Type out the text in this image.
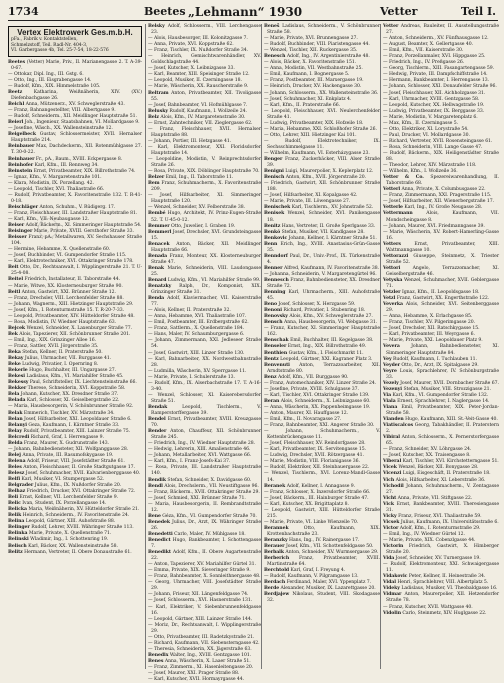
1734	Beetes „Lehmann“ 1930	Vetter	Teil I.
Vertex Elektrowerk Ges.m.b.H.
pFa., Fabrik v. Kontaktstellen,
Schmelzstoff, Teil. Radl-Nr. 404-3,
VI. Garbergasse 4b, Tel. 25-7-54, 18-22-576

Beetes (Vetter) Marie, Priv., II. Marianengasse 2. T. A-39-0-67.

— Ottokar, Dipl. Ing., III. Gstg. 6.

— Otto, Ing., III. Eisgrabengasse 14.

— Rudolf, Kfm., XIX. Himmelstraße 105.

Beetz Katharina, Weißnäherin, XIV. (XV.) Diefenbachgasse 26.

Beichl Anna, Mützenerz., XV. Schweglerstraße 43.

— Franz, Bahnangestellter, VIII. Albertgasse 9.

— Rudolf, Schneiderm., XII. Meidlinger Hauptstraße 51.

Beierl Joh., Ingenieur, Staatsbahnen, VI. Mollardgasse 9.

— Josefine, Wäsch., XX. Wallensteinstraße 12.

Beigelbeck Gustav, Schlossermeister, XVII. Hernalser Hauptstraße 214.

Beinbauer Max, Dachdeckerm., XII. Rotenmühlgasse 27. T. 30-0-22.

Beinhauer Fr., pA., Baum., XVIII. Eckpergasse 8.

Beinhofer Karl, Kfm., III. Rennweg 34.

Beinstein Ernst, Privatbeamter, XIX. Billrothstraße 74.

— Ignaz, Kfm., V. Margaretenstraße 101.

— Klara, Modistin, IX. Porzellang. 42.

— Leopold, Tischler, XVI. Thaliastraße 66.

— Rudolf, Privatbeamter, X. Favoritenstraße 132. T. R-41-0-18.

Beischläger Anton, Schuhm., V. Rüdigerg. 17.

— Franz, Fleischhauer, III. Landstraßer Hauptstraße 81.

— Karl, Kfm., VII. Neubaugasse 12.

Beiser Adolf, Bäckerm., XI. Simmeringer Hauptstraße 54.

Beisinger Marie, Private, XVIII. Gersthofer Straße 33.

Beisser Franz, pA., Metallwaren, XV. Sechshauser Straße 104.

— Hermine, Hebamme, X. Quellenstraße 60.

— Josef, Buchbinder, VI. Gumpendorfer Straße 115.

— Karl, Elektrotechniker, XVI. Ottakringer Straße 178.

Beit Otto, Dr., Rechtsanwalt, I. Wipplingerstraße 21. T. U-25-4-08.

Beitel Friedrich, Installateur, II. Taborstraße 44.

— Marie, Witwe, XX. Klosterneuburger Straße 90.

Beitl Anton, Gastwirt, XXI. Brünner Straße 12.

— Franz, Drechsler, VIII. Lerchenfelder Straße 88.

— Johann, Wagnerm., XIII. Hietzinger Hauptstraße 29.

— Josef, Kfm., I. Rotenturmstraße 15. T. R-20-7-33.

— Leopold, Privatbeamter, XIV. Hütteldorfer Straße 48.

— Rosa, Modistin, IV. Wiedner Hauptstraße 63.

Bejcek Wenzel, Schneider, X. Laxenburger Straße 77.

Bek Alois, Tapezierer, XII. Schönbrunner Straße 201.

— Emil, Ing., XIX. Grinzinger Allee 16.

— Franz, Sattler, XVII. Jörgerstraße 35.

Beka Stefan, Kellner, II. Praterstraße 50.

Bekay Julius, Uhrmacher, VII. Burggasse 41.

Beke Ludwig, Privatier, I. Opernring 8.

Bekerle Hugo, Buchhalter, III. Ungargasse 27.

Bekesi Ladislaus, Kfm., VI. Mariahilfer Straße 45.

Bekessy Paul, Schriftsteller, IX. Liechtensteinstraße 66.

Bekker Therese, Schneiderin, XVI. Koppstraße 58.

Bela Johann, Kutscher, XX. Dresdner Straße 37.

Belada Karl, Schlosser, XI. Geiselbergstraße 22.

— Maria, Hausbesorgerin, V. Schönbrunner Straße 92.

Belak Emmerich, Tischler, XV. Märzstraße 34.

Belan Josef, Hilfsarbeiter, XXI. Leopoldauer Straße 6.

Belanyi Geza, Kaufmann, I. Kärntner Straße 33.

Belay Rudolf, Privatbeamter, XIII. Lainzer Straße 75.

Belcredi Richard, Graf, I. Herrengasse 9.

Belda Franz, Maurer, X. Gudrunstraße 143.

— Johann, Bahnbediensteter, XII. Wolfganggasse 28.

Belej Anna, Private, III. Rasumofskygasse 19.

Belena Adolf, Friseur, VIII. Josefstädter Straße 61.

Beles Anton, Fleischhauer, II. Große Stadtgutgasse 17.

Belesz Josef, Schuhmacher, XVII. Kalvarienberggasse 40.

Belfi Karl, Musiker, VI. Stumpergasse 52.

Belgrader Julius, Kfm., IX. Nußdorfer Straße 20.

Belhaz Friedrich, Drucker, XVI. Ottakringer Straße 72.

Beli Ernst, Kellner, VII. Lerchenfelder Straße 9.

Belic Ivan, Student, IX. Porzellangasse 14.

Belicka Maria, Weißnäherin, XV. Hütteldorfer Straße 21.

Belik Heinrich, Schneiderm., IV. Favoritenstraße 24.

Belina Leopold, Gärtner, XIII. Auhofstraße 88.

Belinger Rudolf, Lehrer, XVIII. Währinger Straße 113.

Belinka Marie, Private, X. Quellenstraße 71.

Belinski Wladimir, Ing., I. Schottenring 19.

Belisch Karl, Bäcker, XX. Wallensteinstraße 58.

Belitz Hermann, Vertreter, II. Obere Donaustraße 61.

Belsky Adolf, Schlosserm., VIII. Lerchengasse 23.

— Alois, Hausbesorger, III. Kolonitzgasse 7.

— Anna, Private, XVI. Koppstraße 62.

— Franz, Tischler, IX. Nußdorfer Straße 34.

— Heinrich, Gemischtwarenhändler, XV. Goldschlagstraße 44.

— Josef, Kutscher, X. Leibnizgasse 33.

— Karl, Beamter, XIII. Speisinger Straße 12.

— Leopold, Musiker, II. Czerningasse 18.

— Marie, Wäscherin, XX. Rauscherstraße 9.

Beltram Anton, Privatbeamter, XII. Tivoligasse 55.

— Josef, Bahnbeamter, VI. Hofmühlgasse 7.

Belusky Rudolf, Kaufmann, I. Wollzeile 24.

Belz Alois, Kfm., IV. Margaretenstraße 30.

— Ernst, Zahntechniker, VII. Zieglergasse 62.

— Franz, Fleischhauer, XVII. Hernalser Hauptstraße 88.

— Johann, Portier, III. Hetzgasse 41.

— Karl, Elektromonteur, XXI. Floridsdorfer Hauptstraße 14.

— Leopoldine, Modistin, V. Reinprechtsdorfer Straße 26.

— Rosa, Private, XIX. Döblinger Hauptstraße 70.

Belzer Emil, Ing., II. Taborstraße 11.

Bem Franz, Schuhmacherm., X. Favoritenstraße 209.

— Josef, Hilfsarbeiter, XI. Simmeringer Hauptstraße 120.

— Wenzel, Schneider, XV. Felberstraße 38.

Bembé Hugo, Architekt, IV. Prinz-Eugen-Straße 52. T. U-45-0-12.

Bemmer Otto, Juwelier, I. Graben 19.

Bemmerl Josef, Drechsler, XVI. Grundsteingasse 15.

Benacek Anton, Bäcker, XII. Meidlinger Hauptstraße 66.

Benada Franz, Monteur, XX. Klosterneuburger Straße 47.

Benak Marie, Schneiderin, VIII. Laudongasse 25.

Benard Ludwig, Kfm., VI. Mariahilfer Straße 99.

Benatzky Ralph, Dr., Komponist, XIX. Grinzinger Straße 31.

Benda Adolf, Klaviermacher, VII. Kaiserstraße 77.

— Alois, Kellner, II. Praterstraße 32.

— Anna, Hebamme, XVI. Thaliastraße 107.

— Emil, Postbeamter, III. Erdbergstraße 62.

— Franz, Sattlerm., X. Quellenstraße 184.

— Hans, Maler, IV. Schaumburgergasse 6.

— Johann, Zimmermann, XXI. Jedleseer Straße 54.

— Josef, Gastwirt, XIII. Linzer Straße 130.

— Karl, Bahnarbeiter, XX. Nordwestbahnstraße 28.

— Ludmilla, Wäscherin, XV. Sperrgasse 11.

— Marie, Private, I. Schulerstraße 13.

— Rudolf, Kfm., IX. Alserbachstraße 17. T. A-16-3-40.

— Wenzel, Schlosser, XI. Kaiserebersdorfer Straße 51.

Bendak	Leopold, Tischlerm., V. Ramperstorffergasse 39.

Bendel Ernst, Privatbeamter, XVIII. Kreuzgasse 70.

Bender Anton, Chauffeur, XII. Schönbrunner Straße 245.

— Friedrich, Ing., IV. Wiedner Hauptstraße 28.

— Hedwig, Lehrerin, XIII. Amalienstraße 46.

— Johann, Metallarbeiter, XVI. Wattgasse 66.

— Karl, Kfm., I. Franz-Josefs-Kai 37.

— Rosa, Private, III. Landstraßer Hauptstraße 140.

Bendik Stefan, Schneider, X. Davidgasse 60.

Bendl Alois, Drechslerm., VII. Neustiftgasse 96.

— Franz, Bäckerm., XVII. Ottakringer Straße 29.

— Josef, Schmied, XXI. Brünner Straße 71.

— Maria, Hausbesorgerin, II. Rembrandtstraße 12.

Bene Géza, Kfm., VI. Gumpendorfer Straße 70.

Benedek Julius, Dr., Arzt, IX. Währinger Straße 26.

Benedetti Carlo, Maler, IV. Mühlgasse 18.

Benedict Hugo, Bankbeamter, I. Schottengasse 7.

Benedikt Adolf, Kfm., II. Obere Augartenstraße 22.

— Anton, Tapezierer, XV. Mariahilfer Gürtel 31.

— Emma, Private, XIX. Sieveringer Straße 9.

— Franz, Bahnbeamter, X. Sonnleithnergasse 48.

— Georg, Uhrmacher, VIII. Josefstädter Straße 29.

— Johann, Friseur, XII. Längenfeldgasse 74.

— Josef, Schlosserm., XVI. Hasnerstraße 131.

— Karl, Elektriker, V. Siebenbrunnenfeldgasse 16.

— Leopold, Gärtner, XIII. Lainzer Straße 144.

— Moriz, Dr., Rechtsanwalt, I. Wipplingerstraße 29.

— Otto, Privatbeamter, III. Radetzkystraße 21.

— Richard, Kaufmann, VII. Siebensterngasse 42.

— Theresia, Schneiderin, XX. Jägerstraße 63.

Benedix Walter, Ing., XVIII. Gentzgasse 101.

Benes Anna, Wäscherin, X. Laaer Straße 51.

— Franz, Zimmerm., XI. Hasenleitengasse 20.

— Josef, Maurer, XXI. Prager Straße 88.

— Karl, Kutscher, XVII. Hormayrgasse 44.

Beneš Ladislaus, Schneiderm., V. Schönbrunner Straße 58.

— Marie, Private, XVI. Brunnengasse 27.

— Rudolf, Buchbinder, VIII. Piaristengasse 44.

— Wenzel, Tischler, XII. Ruckergasse 35.

Benesch Adolf, Ing., IV. Argentinierstraße 48.

— Alois, Bäcker, X. Favoritenstraße 151.

— Anna, Modistin, VII. Westbahnstraße 25.

— Emil, Kaufmann, I. Bognergasse 5.

— Franz, Postbeamter, III. Marxergasse 19.

— Heinrich, Drucker, XV. Hackengasse 30.

— Johann, Schlosserm., XX. Wallensteinstraße 36.

— Josef, Schuhmacher, XI. Enkplatz 4.

— Karl, Kfm., II. Praterstraße 66.

— Leopold, Fleischhauer, XVI. Neulerchenfelder Straße 41.

— Ludwig, Privatbeamter, XIX. Hofzeile 18.

— Maria, Hebamme, XXI. Schloßhofer Straße 26.

— Otto, Lehrer, XIII. Hietzinger Kai 101.

— Rudolf, Elektrotechniker, IX. Sechsschimmelgasse 11.

— Wilhelm, Kaufmann, VI. Esterházygasse 23.

Benger Franz, Zuckerbäcker, VIII. Alser Straße 39.

Benigni Luigi, Maurerpolier, X. Keplerplatz 12.

Benisch Anton, Kfm., XVII. Jörgerstraße 20.

— Friedrich, Gastwirt, XII. Schönbrunner Straße 188.

— Josef, Hilfsarbeiter, XI. Kopalgasse 42.

— Marie, Private, III. Löwengasse 27.

Benischek Karl, Tischlerm., XV. Johnstraße 52.

Benisek Wenzel, Schneider, XVI. Panikengasse 18.

Benitz Hans, Vertreter, II. Große Sperlgasse 33.

Benkó Stefan, Musiker, VII. Kandlgasse 28.

Benkovic Johann, Kellner, I. Kärntner Straße 51.

Benn Erich, Ing., XVIII. Anastasius-Grün-Gasse 35.

Benndorf Paul, Dr., Univ.-Prof., IX. Türkenstraße 4.

Benner Alfred, Kaufmann, IV. Favoritenstraße 38.

— Johanna, Schneiderin, V. Margaretengürtel 96.

Bennesch Franz, Bahnbediensteter, XX. Dresdner Straße 72.

Benning Karl, Uhrmacherm., XIII. Auhofstraße 45.

Beno Josef, Schlosser, X. Herzgasse 59.

Benoni Richard, Privatier, I. Stubenring 18.

Benovsky Alois, Kfm., XV. Schweglerstraße 27.

Bensch Anna, Hausbesorgerin, VI. Webgasse 31.

— Franz, Kutscher, XI. Simmeringer Hauptstraße 162.

Benschak Emil, Buchhalter, III. Kegelgasse 38.

Benseler Ernst, Ing., XIX. Billrothstraße 49.

Benthien Gustav, Kfm., I. Fleischmarkt 11.

Bentz Leopold, Gärtner, XXI. Kagraner Platz 3.

Benvenuti Anton, Terrazzoarbeiter, XII. Arndtstraße 80.

Benz Adolf, Kfm., VII. Burggasse 90.

— Franz, Automechaniker, XIV. Linzer Straße 24.

— Josefine, Private, XVIII. Schulgasse 37.

— Karl, Tischler, XVI. Ottakringer Straße 139.

Beran Alois, Schneiderm., X. Leibnizgasse 60.

— Anna, Wäscherin, XX. Pappenheimgasse 19.

— Anton, Maurer, XI. Hauffgasse 12.

— Emil, Kfm., II. Novaragasse 27.

— Franz, Bahnbeamter, XXI. Angerer Straße 30.

— Johann, Schuhmacherm., V. Kettenbrückengasse 11.

— Josef, Fleischhauer, XV. Reindorfgasse 28.

— Karl, Privatbeamter, IX. Servitengasse 15.

— Ludwig, Drechsler, XVII. Rötzergasse 41.

— Marie, Modistin, VIII. Florianigasse 36.

— Rudolf, Elektriker, XII. Steinbauergasse 22.

— Wenzel, Tischlerm., XVI. Lorenz-Mandl-Gasse 14.

Beranek Adolf, Kellner, I. Annagasse 9.

— Franz, Schlosser, X. Inzersdorfer Straße 66.

— Josef, Bäckerm., III. Hainburger Straße 47.

— Karl, Kutscher, XX. Brigittaplatz 8.

— Leopold, Gastwirt, XIII. Hütteldorfer Straße 215.

— Marie, Private, VI. Linke Wienzeile 70.

Berannek	Otto, Kaufmann, XIX. Krottenbachstraße 23.

Beranzky Hans, Ing., IV. Rainergasse 17.

Berauer Josef, Kfm., VII. Schottenfeldgasse 50.

Berbalk Anton, Schneider, XV. Wurmsergasse 29.

Berberich Franz, Privatbeamter, XVIII. Martinstraße 64.

Berchtold Karl, Graf, I. Freyung 4.

— Rudolf, Kaufmann, V. Pilgramgasse 13.

Berdach Ferdinand, Maler, XVI. Yppenplatz 7.

Berde Alexander, Musiker, IX. Lazarettgasse 20.

Berdjajew Nikolaus, Student, VIII. Skodagasse 32.

Vetter Andreas, Bauleiter, II. Ausstellungsstraße 27.

— Anton, Schneiderm., XV. Fünfhausgasse 12.

— August, Beamter, X. Gellertgasse 40.

— Emil, Kfm., VII. Kaiserstraße 30.

— Franz, Porzellanmaler, XVI. Hippgasse 25.

— Friedrich, Ing., IV. Preßgasse 26.

— Georg, Tischlerm., XIII. Fasangartengasse 59.

— Hedwig, Private, III. Dampfschiffstraße 14.

— Hermann, Bankbeamter, I. Herrengasse 13.

— Johann, Schlosser, XXI. Donaufelder Straße 96.

— Josef, Fleischhauer, XII. Aichholzgasse 31.

— Karl, Uhrmacher, XVIII. Gentzgasse 58.

— Leopold, Kutscher, XX. Hellwagstraße 19.

— Ludwig, Privatbeamter, IX. Berggasse 33.

— Marie, Modistin, V. Margaretenplatz 6.

— Max, Kfm., II. Czerningasse 5.

— Otto, Elektriker, XI. Lorystraße 54.

— Paul, Drucker, VI. Mollardgasse 30.

— Richard, Vertreter, XVII. Rosensteingasse 61.

— Rosa, Schneiderin, VIII. Lange Gasse 47.

— Rudolf, Bäckerm., XIX. Heiligenstädter Straße 88.

— Theodor, Lehrer, XIV. Märzstraße 118.

— Wilhelm, Kfm., I. Wollzeile 36.

Vetter & Co. Spezereiwarenhandlung, II. Taborstraße 68.

Vetterl Anna, Private, X. Columbusgasse 22.

— Franz, Zimmermann, XXI. Pragerstraße 115.

— Josef, Hilfsarbeiter, XII. Wienerbergstraße 17.

Vetterle Karl, Ing., IV. Große Neugasse 28.

Vettermann	Alois, Kaufmann, VII. Mondscheingasse 8.

— Johann, Maurer, XVI. Friedmanngasse 39.

— Marie, Wäscherin, XV. Robert-Hamerling-Gasse 16.

Vetters	Ernst, Privatbeamter, XIII. Wattmanngasse 10.

Vettorazzi Giuseppe, Steinmetz, X. Triester Straße 52.

Vettori	Angelo, Terrazzomacher, XI. Geiselbergstraße 46.

Vetyska Wenzel, Schuhmacher, XVII. Geblergasse 71.

Vetzler Ignaz, Kfm., II. Leopoldsgasse 18.

Vetzl Franz, Gastwirt, XX. Engerthstraße 122.

Veverka Alois, Schneider, XVI. Seitenberggasse 29.

— Anna, Hebamme, X. Erlachgasse 85.

— Franz, Tischler, XV. Pilgerimgasse 20.

— Josef, Drechsler, XII. Ratschkygasse 15.

— Karl, Privatbeamter, III. Weyrgasse 6.

— Marie, Private, XXI. Leopoldauer Platz 9.

Vevera Johann, Bahnbediensteter, XI. Simmeringer Hauptstraße 84.

Vey Rudolf, Kaufmann, I. Tuchlauben 11.

Veyder Otto, Dr., Arzt, IX. Spitalgasse 29.

Veyre Louis, Sprachlehrer, IV. Schönburgstraße 33.

Vezely Josef, Maurer, XVII. Dornbacher Straße 67.

Vezenyi Stefan, Musiker, VIII. Strozzigasse 21.

Via Karl, Kfm., VI. Gumpendorfer Straße 132.

Viala Ernest, Sprachlehrer, I. Naglergasse 14.

Viana Emil, Privatbeamter, XIX. Peter-Jordan-Straße 58.

Vianden Hugo, Kaufmann, XIII. St.-Veit-Gasse 40.

Viatiscalcos Georg, Tabakhändler, II. Praterstern 2.

Vibiral Anton, Schlosserm., X. Pernerstorfergasse 65.

— Franz, Schneider, XV. Löhrgasse 24.

— Josef, Kutscher, XX. Traisengasse 8.

Viberal Karl, Tischler, XVI. Kirchstetterngasse 51.

Vicek Wenzel, Bäcker, XII. Bonygasse 28.

Vicenzi Luigi, Eisgeschäft, II. Praterstraße 18.

Vich Alois, Hilfsarbeiter, XI. Leberstraße 36.

Vichodil Johann, Schuhmacherm., V. Zentagasse 27.

Vicht Anna, Private, VII. Stiftgasse 22.

Vick Ernst, Bankbeamter, XVIII. Theresiengasse 31.

Vicky Franz, Friseur, XVI. Thaliastraße 59.

Vicsek Julius, Kaufmann, IX. Universitätsstraße 6.

Victor Adolf, Kfm., I. Rotenturmstraße 29.

— Emil, Ing., IV. Wiedner Gürtel 12.

— Marie, Private, XIX. Cobenzlgasse 44.

Victorin Friedrich, Gastwirt, X. Himberger Straße 20.

Vida Josef, Schneider, XV. Turnergasse 19.

— Rudolf, Elektromonteur, XXI. Schwaigergasse 11.

Vidakovic Peter, Kellner, II. Heinestraße 34.

Vidal Henri, Sprachlehrer, VIII. Albertplatz 5.

Videky Ladislaus, Musiker, VI. Theobaldgasse 16.

Vidmar Anton, Maurerpolier, XII. Hetzendorfer Straße 78.

— Franz, Kutscher, XVII. Wattgasse 40.

Vidolin Carlo, Steinmetz, XIV. Huglgasse 22.
